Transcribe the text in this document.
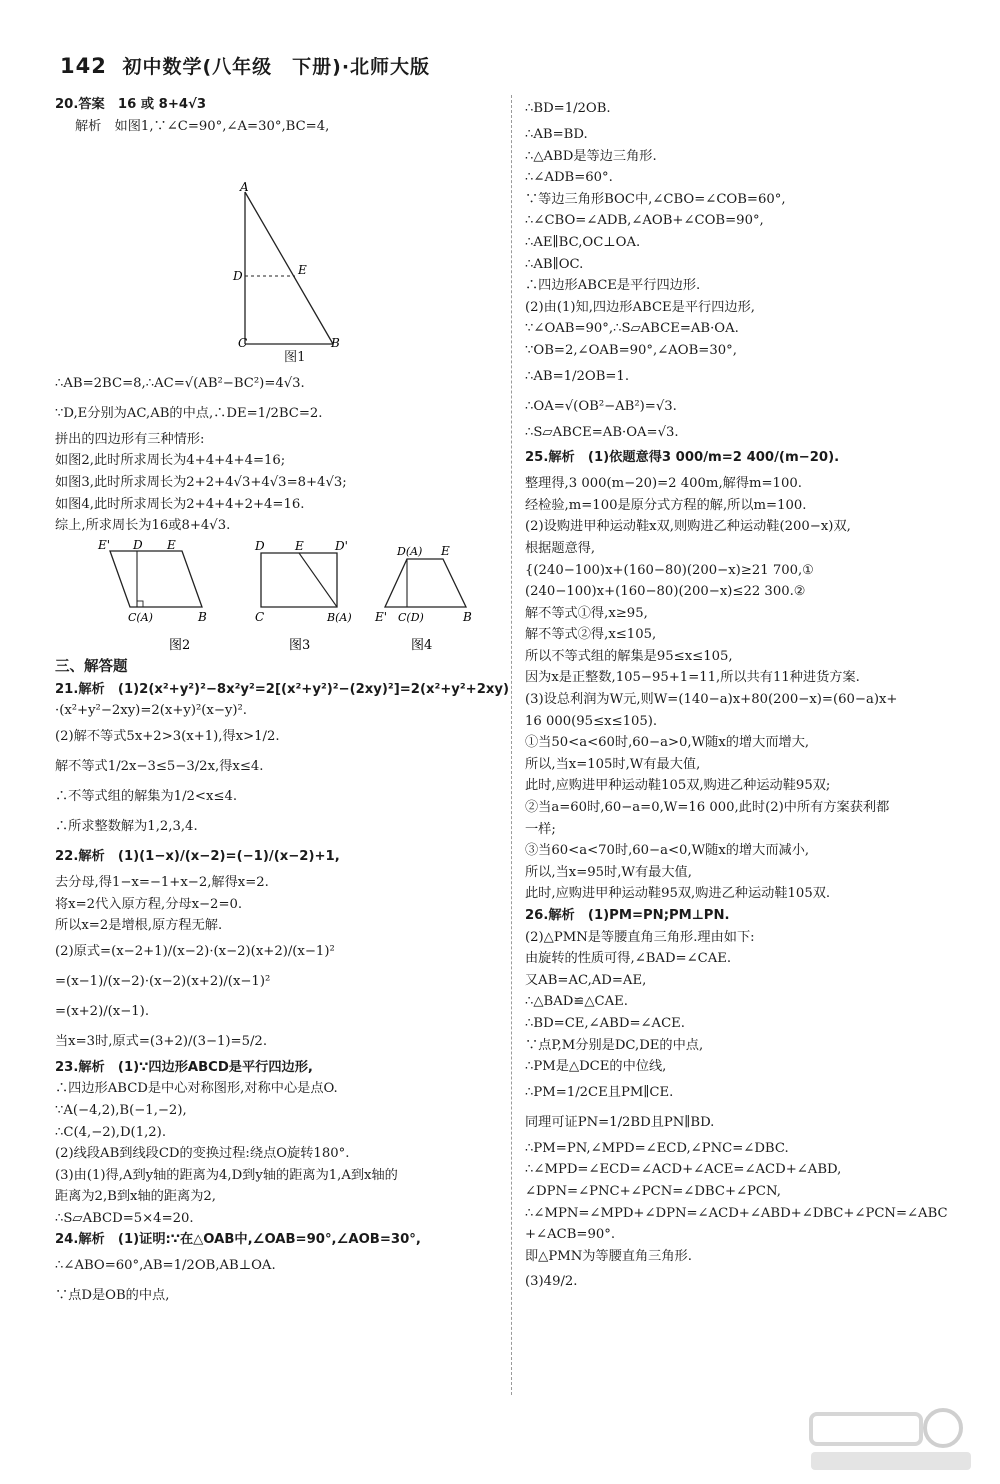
142 初中数学(八年级　下册)·北师大版
20.答案　16 或 8+4√3
解析　如图1,∵∠C=90°,∠A=30°,BC=4,
A
D	E
C	B
图1
∴AB=2BC=8,∴AC=√(AB²−BC²)=4√3.
∵D,E分别为AC,AB的中点,∴DE=1/2BC=2.
拼出的四边形有三种情形:
如图2,此时所求周长为4+4+4+4=16;
如图3,此时所求周长为2+2+4√3+4√3=8+4√3;
如图4,此时所求周长为2+4+4+2+4=16.
综上,所求周长为16或8+4√3.
E' D E
C(A)	B
图2
D	E	D'
C	B(A)
图3
D(A) E
E' C(D)	B
图4
三、解答题
21.解析　(1)2(x²+y²)²−8x²y²=2[(x²+y²)²−(2xy)²]=2(x²+y²+2xy)
·(x²+y²−2xy)=2(x+y)²(x−y)².
(2)解不等式5x+2>3(x+1),得x>1/2.
解不等式1/2x−3≤5−3/2x,得x≤4.
∴不等式组的解集为1/2<x≤4.
∴所求整数解为1,2,3,4.
22.解析　(1)(1−x)/(x−2)=(−1)/(x−2)+1,
去分母,得1−x=−1+x−2,解得x=2.
将x=2代入原方程,分母x−2=0.
所以x=2是增根,原方程无解.
(2)原式=(x−2+1)/(x−2)·(x−2)(x+2)/(x−1)²
=(x−1)/(x−2)·(x−2)(x+2)/(x−1)²
=(x+2)/(x−1).
当x=3时,原式=(3+2)/(3−1)=5/2.
23.解析　(1)∵四边形ABCD是平行四边形,
∴四边形ABCD是中心对称图形,对称中心是点O.
∵A(−4,2),B(−1,−2),
∴C(4,−2),D(1,2).
(2)线段AB到线段CD的变换过程:绕点O旋转180°.
(3)由(1)得,A到y轴的距离为4,D到y轴的距离为1,A到x轴的
距离为2,B到x轴的距离为2,
∴S▱ABCD=5×4=20.
24.解析　(1)证明:∵在△OAB中,∠OAB=90°,∠AOB=30°,
∴∠ABO=60°,AB=1/2OB,AB⊥OA.
∵点D是OB的中点,
∴BD=1/2OB.
∴AB=BD.
∴△ABD是等边三角形.
∴∠ADB=60°.
∵等边三角形BOC中,∠CBO=∠COB=60°,
∴∠CBO=∠ADB,∠AOB+∠COB=90°,
∴AE∥BC,OC⊥OA.
∴AB∥OC.
∴四边形ABCE是平行四边形.
(2)由(1)知,四边形ABCE是平行四边形,
∵∠OAB=90°,∴S▱ABCE=AB·OA.
∵OB=2,∠OAB=90°,∠AOB=30°,
∴AB=1/2OB=1.
∴OA=√(OB²−AB²)=√3.
∴S▱ABCE=AB·OA=√3.
25.解析　(1)依题意得3 000/m=2 400/(m−20).
整理得,3 000(m−20)=2 400m,解得m=100.
经检验,m=100是原分式方程的解,所以m=100.
(2)设购进甲种运动鞋x双,则购进乙种运动鞋(200−x)双,
根据题意得,
{(240−100)x+(160−80)(200−x)≥21 700,①
(240−100)x+(160−80)(200−x)≤22 300.②
解不等式①得,x≥95,
解不等式②得,x≤105,
所以不等式组的解集是95≤x≤105,
因为x是正整数,105−95+1=11,所以共有11种进货方案.
(3)设总利润为W元,则W=(140−a)x+80(200−x)=(60−a)x+
16 000(95≤x≤105).
①当50<a<60时,60−a>0,W随x的增大而增大,
所以,当x=105时,W有最大值,
此时,应购进甲种运动鞋105双,购进乙种运动鞋95双;
②当a=60时,60−a=0,W=16 000,此时(2)中所有方案获利都
一样;
③当60<a<70时,60−a<0,W随x的增大而减小,
所以,当x=95时,W有最大值,
此时,应购进甲种运动鞋95双,购进乙种运动鞋105双.
26.解析　(1)PM=PN;PM⊥PN.
(2)△PMN是等腰直角三角形.理由如下:
由旋转的性质可得,∠BAD=∠CAE.
又AB=AC,AD=AE,
∴△BAD≌△CAE.
∴BD=CE,∠ABD=∠ACE.
∵点P,M分别是DC,DE的中点,
∴PM是△DCE的中位线,
∴PM=1/2CE且PM∥CE.
同理可证PN=1/2BD且PN∥BD.
∴PM=PN,∠MPD=∠ECD,∠PNC=∠DBC.
∴∠MPD=∠ECD=∠ACD+∠ACE=∠ACD+∠ABD,
∠DPN=∠PNC+∠PCN=∠DBC+∠PCN,
∴∠MPN=∠MPD+∠DPN=∠ACD+∠ABD+∠DBC+∠PCN=∠ABC
+∠ACB=90°.
即△PMN为等腰直角三角形.
(3)49/2.
